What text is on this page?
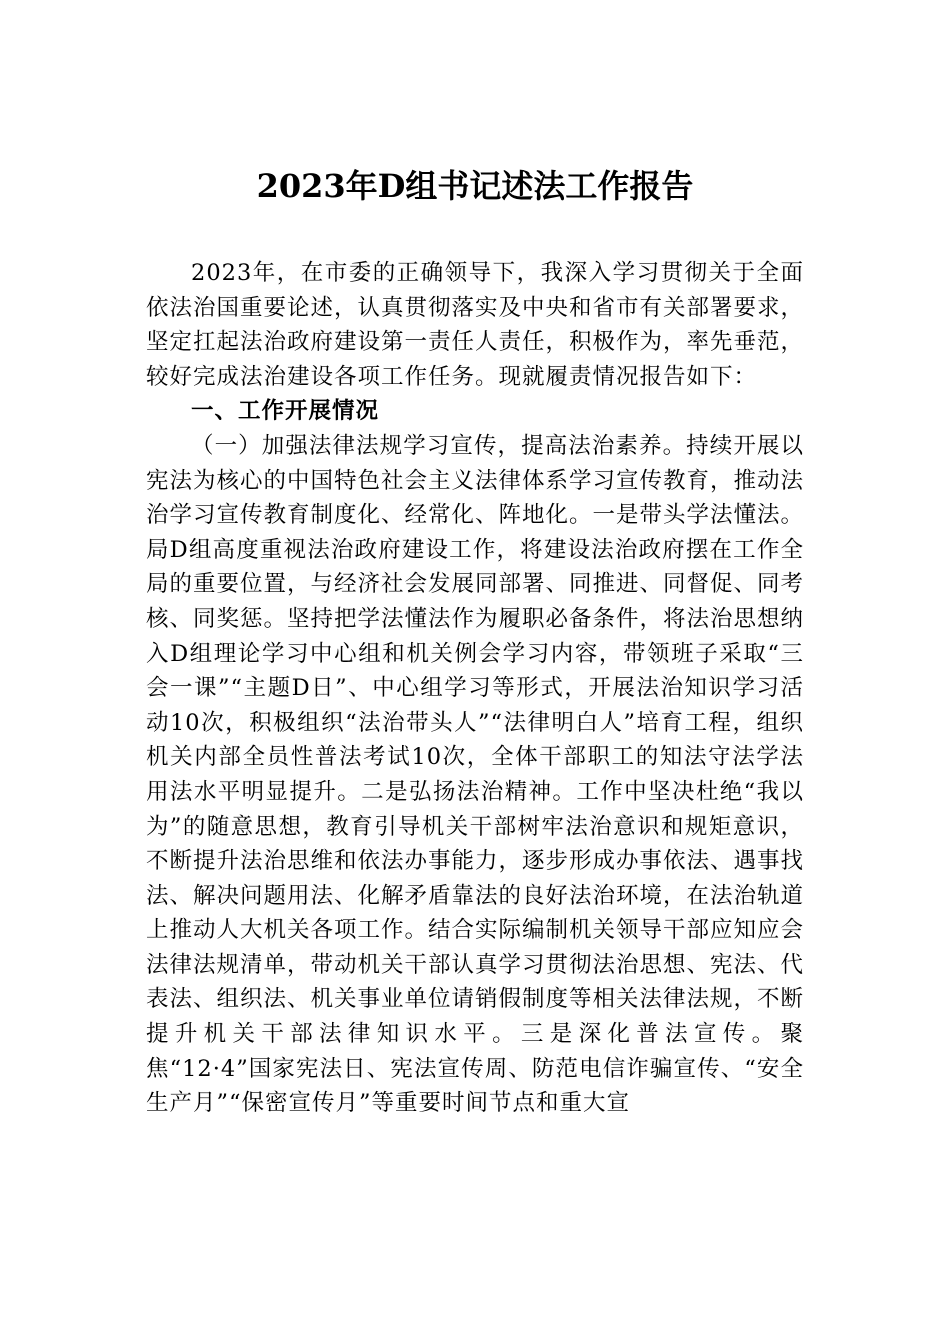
2023年D组书记述法工作报告

2023年，在市委的正确领导下，我深入学习贯彻关于全面依法治国重要论述，认真贯彻落实及中央和省市有关部署要求，坚定扛起法治政府建设第一责任人责任，积极作为，率先垂范，较好完成法治建设各项工作任务。现就履责情况报告如下：

一、工作开展情况

（一）加强法律法规学习宣传，提高法治素养。持续开展以宪法为核心的中国特色社会主义法律体系学习宣传教育，推动法治学习宣传教育制度化、经常化、阵地化。一是带头学法懂法。局D组高度重视法治政府建设工作，将建设法治政府摆在工作全局的重要位置，与经济社会发展同部署、同推进、同督促、同考核、同奖惩。坚持把学法懂法作为履职必备条件，将法治思想纳入D组理论学习中心组和机关例会学习内容，带领班子采取“三会一课”“主题D日”、中心组学习等形式，开展法治知识学习活动10次，积极组织“法治带头人”“法律明白人”培育工程，组织机关内部全员性普法考试10次，全体干部职工的知法守法学法用法水平明显提升。二是弘扬法治精神。工作中坚决杜绝“我以为”的随意思想，教育引导机关干部树牢法治意识和规矩意识，不断提升法治思维和依法办事能力，逐步形成办事依法、遇事找法、解决问题用法、化解矛盾靠法的良好法治环境，在法治轨道上推动人大机关各项工作。结合实际编制机关领导干部应知应会法律法规清单，带动机关干部认真学习贯彻法治思想、宪法、代表法、组织法、机关事业单位请销假制度等相关法律法规，不断提升机关干部法律知识水平。三是深化普法宣传。聚焦“12·4”国家宪法日、宪法宣传周、防范电信诈骗宣传、“安全生产月”“保密宣传月”等重要时间节点和重大宣
